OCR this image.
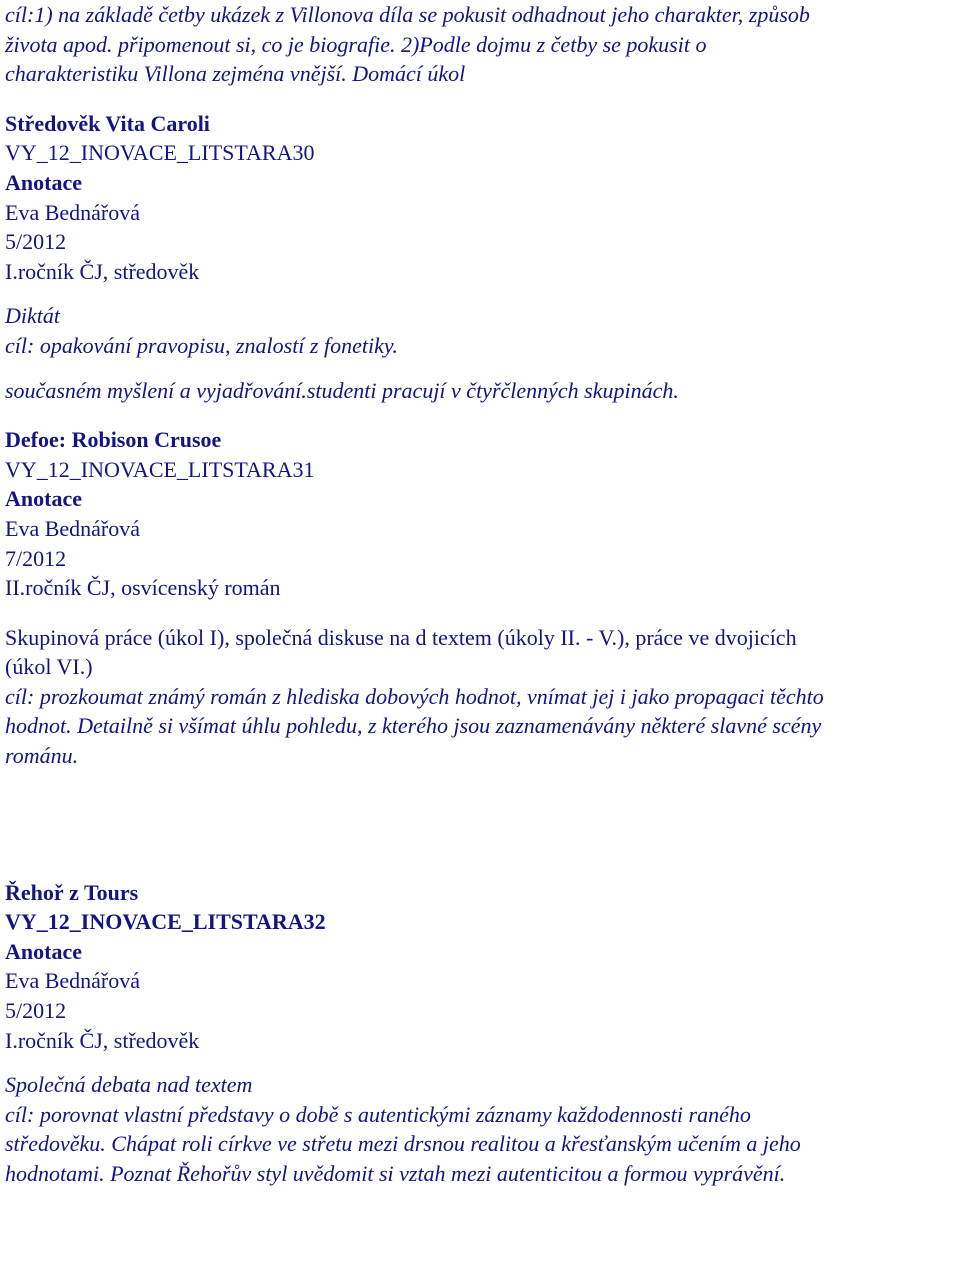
cíl:1) na základě četby ukázek z Villonova díla se pokusit odhadnout jeho charakter, způsob

života apod. připomenout si, co je biografie. 2)Podle dojmu z četby se pokusit o

charakteristiku Villona zejména vnější. Domácí úkol

Středověk Vita Caroli

VY_12_INOVACE_LITSTARA30

Anotace

Eva Bednářová

5/2012

I.ročník ČJ, středověk

Diktát

cíl: opakování pravopisu, znalostí z fonetiky.

současném myšlení a vyjadřování.studenti pracují v čtyřčlenných skupinách.

Defoe: Robison Crusoe

VY_12_INOVACE_LITSTARA31

Anotace

Eva Bednářová

7/2012

II.ročník ČJ, osvícenský román

Skupinová práce (úkol I), společná diskuse na d textem (úkoly II. - V.), práce ve dvojicích

(úkol VI.)

cíl: prozkoumat známý román z hlediska dobových hodnot, vnímat jej i jako propagaci těchto

hodnot. Detailně si všímat úhlu pohledu, z kterého jsou zaznamenávány některé slavné scény

románu.

Řehoř z Tours

VY_12_INOVACE_LITSTARA32

Anotace

Eva Bednářová

5/2012

I.ročník ČJ, středověk

Společná debata nad textem

cíl: porovnat vlastní představy o době s autentickými záznamy každodennosti raného

středověku. Chápat roli církve ve střetu mezi drsnou realitou a křesťanským učením a jeho

hodnotami. Poznat Řehořův styl uvědomit si vztah mezi autenticitou a formou vyprávění.
